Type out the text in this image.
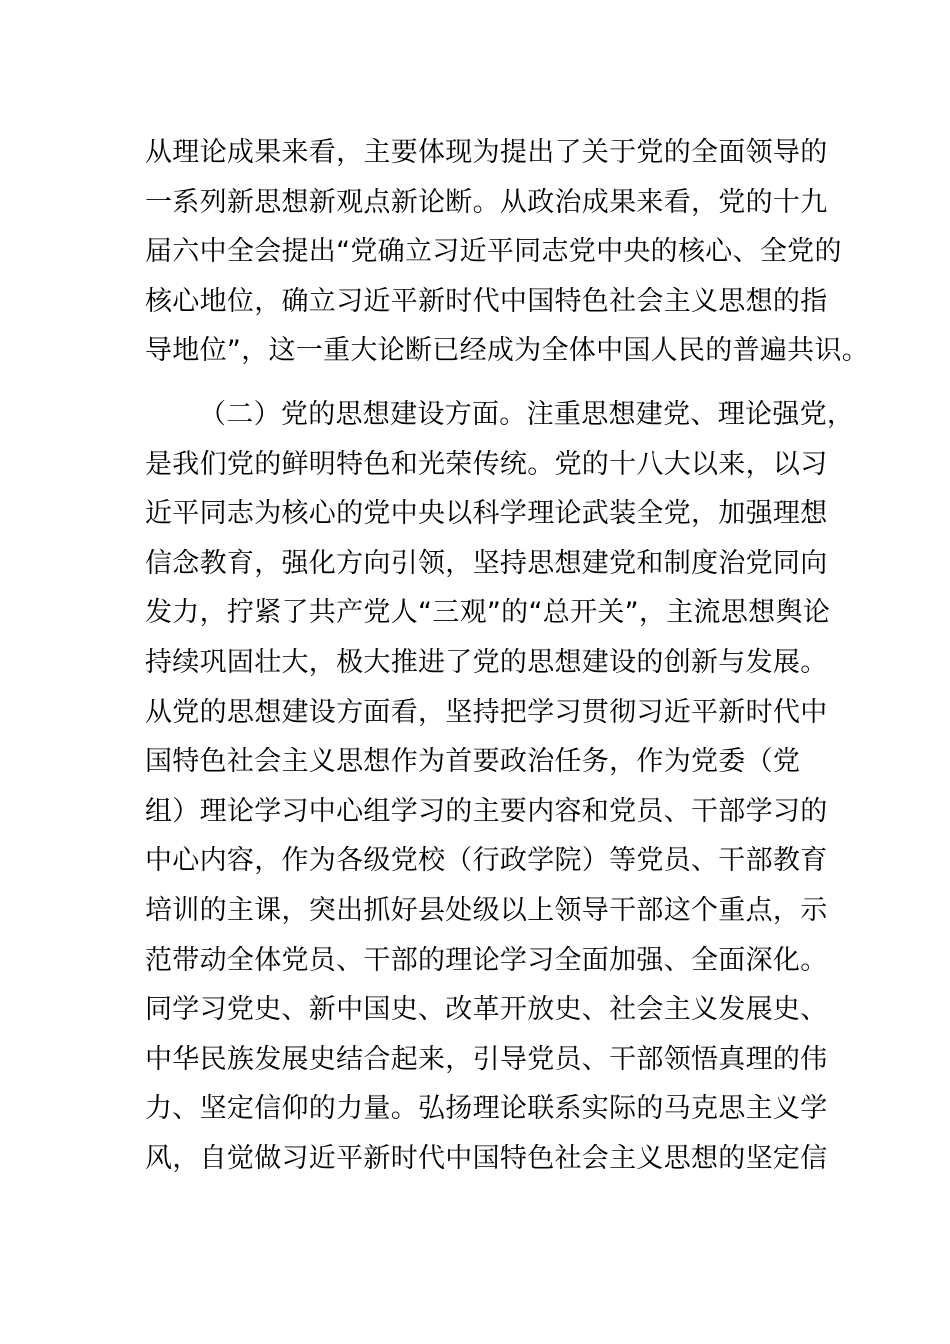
从理论成果来看，主要体现为提出了关于党的全面领导的
一系列新思想新观点新论断。从政治成果来看，党的十九
届六中全会提出“党确立习近平同志党中央的核心、全党的
核心地位，确立习近平新时代中国特色社会主义思想的指
导地位”，这一重大论断已经成为全体中国人民的普遍共识。
（二）党的思想建设方面。注重思想建党、理论强党，
是我们党的鲜明特色和光荣传统。党的十八大以来，以习
近平同志为核心的党中央以科学理论武装全党，加强理想
信念教育，强化方向引领，坚持思想建党和制度治党同向
发力，拧紧了共产党人“三观”的“总开关”，主流思想舆论
持续巩固壮大，极大推进了党的思想建设的创新与发展。
从党的思想建设方面看，坚持把学习贯彻习近平新时代中
国特色社会主义思想作为首要政治任务，作为党委（党
组）理论学习中心组学习的主要内容和党员、干部学习的
中心内容，作为各级党校（行政学院）等党员、干部教育
培训的主课，突出抓好县处级以上领导干部这个重点，示
范带动全体党员、干部的理论学习全面加强、全面深化。
同学习党史、新中国史、改革开放史、社会主义发展史、
中华民族发展史结合起来，引导党员、干部领悟真理的伟
力、坚定信仰的力量。弘扬理论联系实际的马克思主义学
风，自觉做习近平新时代中国特色社会主义思想的坚定信
